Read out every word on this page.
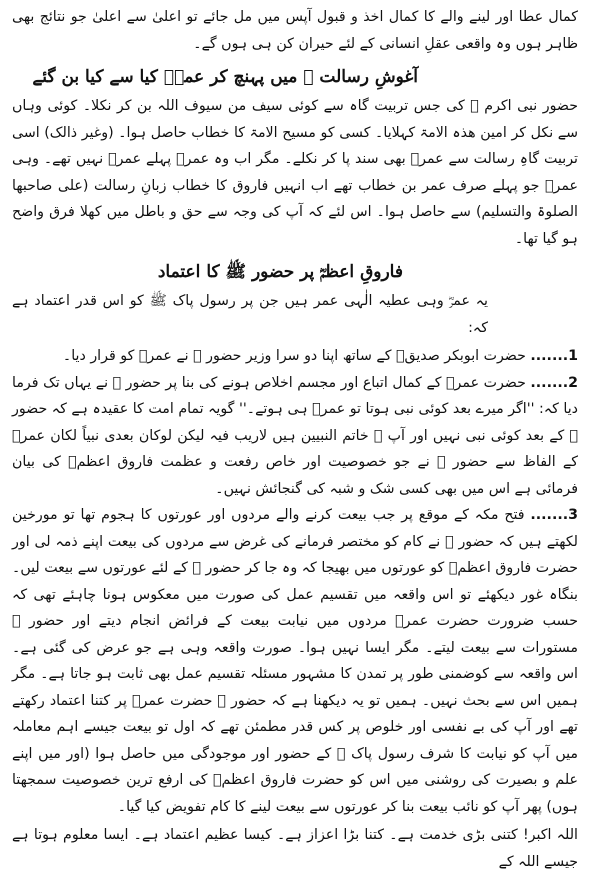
کمال عطا اور لینے والے کا کمال اخذ و قبول آپس میں مل جائے تو اعلیٰ سے اعلیٰ جو نتائج بھی ظاہر ہوں وہ واقعی عقلِ انسانی کے لئے حیران کن ہی ہوں گے۔

آغوشِ رسالت ﷺ میں پہنچ کر عمرؓ کیا سے کیا بن گئے

حضور نبی اکرم ﷺ کی جس تربیت گاہ سے کوئی سیف من سیوف اللہ بن کر نکلا۔ کوئی وہاں سے نکل کر امین ھذہ الامۃ کہلایا۔ کسی کو مسیح الامۃ کا خطاب حاصل ہوا۔ (وغیر ذالک) اسی تربیت گاہِ رسالت سے عمرؓ بھی سند پا کر نکلے۔ مگر اب وہ عمرؓ پہلے عمرؓ نہیں تھے۔ وہی عمرؓ جو پہلے صرف عمر بن خطاب تھے اب انہیں فاروق کا خطاب زبانِ رسالت (علی صاحبھا الصلوۃ والتسلیم) سے حاصل ہوا۔ اس لئے کہ آپ کی وجہ سے حق و باطل میں کھلا فرق واضح ہو گیا تھا۔

فاروقِ اعظمؓ پر حضور ﷺ کا اعتماد

یہ عمرؓ وہی عطیہ الٰہی عمر ہیں جن پر رسول پاک ﷺ کو اس قدر اعتماد ہے کہ:

1....... حضرت ابوبکر صدیقؓ کے ساتھ اپنا دو سرا وزیر حضور ﷺ نے عمرؓ کو قرار دیا۔

2....... حضرت عمرؓ کے کمال اتباع اور مجسم اخلاص ہونے کی بنا پر حضور ﷺ نے یہاں تک فرما دیا کہ: ''اگر میرے بعد کوئی نبی ہوتا تو عمرؓ ہی ہوتے۔'' گویہ تمام امت کا عقیدہ ہے کہ حضور ﷺ کے بعد کوئی نبی نہیں اور آپ ﷺ خاتم النبیین ہیں لاریب فیہ لیکن لوکان بعدی نبیاً لکان عمرؓ کے الفاظ سے حضور ﷺ نے جو خصوصیت اور خاص رفعت و عظمت فاروق اعظمؓ کی بیان فرمائی ہے اس میں بھی کسی شک و شبہ کی گنجائش نہیں۔

3....... فتح مکہ کے موقع پر جب بیعت کرنے والے مردوں اور عورتوں کا ہجوم تھا تو مورخین لکھتے ہیں کہ حضور ﷺ نے کام کو مختصر فرمانے کی غرض سے مردوں کی بیعت اپنے ذمہ لی اور حضرت فاروق اعظمؓ کو عورتوں میں بھیجا کہ وہ جا کر حضور ﷺ کے لئے عورتوں سے بیعت لیں۔ بنگاہ غور دیکھئے تو اس واقعہ میں تقسیم عمل کی صورت میں معکوس ہونا چاہئے تھی کہ حسب ضرورت حضرت عمرؓ مردوں میں نیابت بیعت کے فرائض انجام دیتے اور حضور ﷺ مستورات سے بیعت لیتے۔ مگر ایسا نہیں ہوا۔ صورت واقعہ وہی ہے جو عرض کی گئی ہے۔ اس واقعہ سے کوضمنی طور پر تمدن کا مشہور مسئلہ تقسیم عمل بھی ثابت ہو جاتا ہے۔ مگر ہمیں اس سے بحث نہیں۔ ہمیں تو یہ دیکھنا ہے کہ حضور ﷺ حضرت عمرؓ پر کتنا اعتماد رکھتے تھے اور آپ کی بے نفسی اور خلوص پر کس قدر مطمئن تھے کہ اول تو بیعت جیسے اہم معاملہ میں آپ کو نیابت کا شرف رسول پاک ﷺ کے حضور اور موجودگی میں حاصل ہوا (اور میں اپنے علم و بصیرت کی روشنی میں اس کو حضرت فاروق اعظمؓ کی ارفع ترین خصوصیت سمجھتا ہوں) پھر آپ کو نائب بیعت بنا کر عورتوں سے بیعت لینے کا کام تفویض کیا گیا۔

اللہ اکبر! کتنی بڑی خدمت ہے۔ کتنا بڑا اعزاز ہے۔ کیسا عظیم اعتماد ہے۔ ایسا معلوم ہوتا ہے جیسے اللہ کے
